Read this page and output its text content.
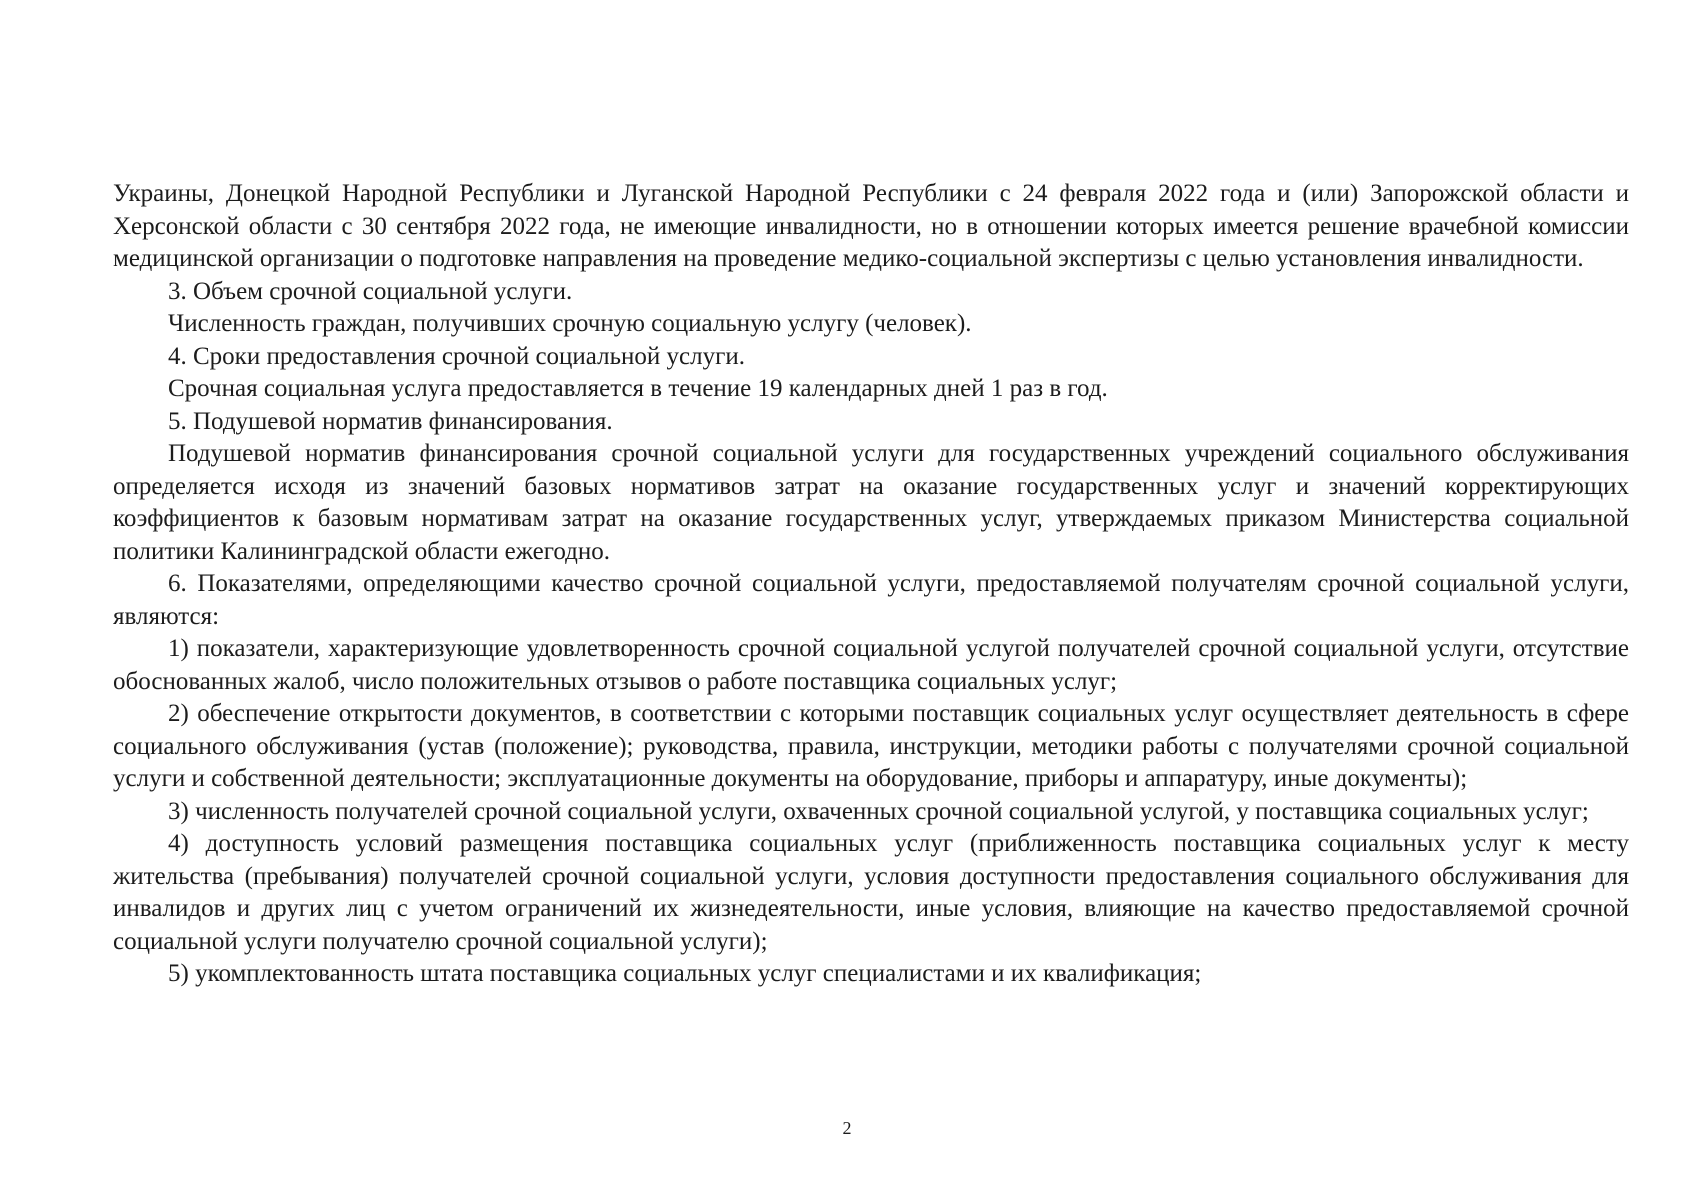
Украины, Донецкой Народной Республики и Луганской Народной Республики с 24 февраля 2022 года и (или) Запорожской области и Херсонской области с 30 сентября 2022 года, не имеющие инвалидности, но в отношении которых имеется решение врачебной комиссии медицинской организации о подготовке направления на проведение медико-социальной экспертизы с целью установления инвалидности.

3. Объем срочной социальной услуги.

Численность граждан, получивших срочную социальную услугу (человек).

4. Сроки предоставления срочной социальной услуги.

Срочная социальная услуга предоставляется в течение 19 календарных дней 1 раз в год.

5. Подушевой норматив финансирования.

Подушевой норматив финансирования срочной социальной услуги для государственных учреждений социального обслуживания определяется исходя из значений базовых нормативов затрат на оказание государственных услуг и значений корректирующих коэффициентов к базовым нормативам затрат на оказание государственных услуг, утверждаемых приказом Министерства социальной политики Калининградской области ежегодно.

6. Показателями, определяющими качество срочной социальной услуги, предоставляемой получателям срочной социальной услуги, являются:

1) показатели, характеризующие удовлетворенность срочной социальной услугой получателей срочной социальной услуги, отсутствие обоснованных жалоб, число положительных отзывов о работе поставщика социальных услуг;

2) обеспечение открытости документов, в соответствии с которыми поставщик социальных услуг осуществляет деятельность в сфере социального обслуживания (устав (положение); руководства, правила, инструкции, методики работы с получателями срочной социальной услуги и собственной деятельности; эксплуатационные документы на оборудование, приборы и аппаратуру, иные документы);

3) численность получателей срочной социальной услуги, охваченных срочной социальной услугой, у поставщика социальных услуг;

4) доступность условий размещения поставщика социальных услуг (приближенность поставщика социальных услуг к месту жительства (пребывания) получателей срочной социальной услуги, условия доступности предоставления социального обслуживания для инвалидов и других лиц с учетом ограничений их жизнедеятельности, иные условия, влияющие на качество предоставляемой срочной социальной услуги получателю срочной социальной услуги);

5) укомплектованность штата поставщика социальных услуг специалистами и их квалификация;

2
